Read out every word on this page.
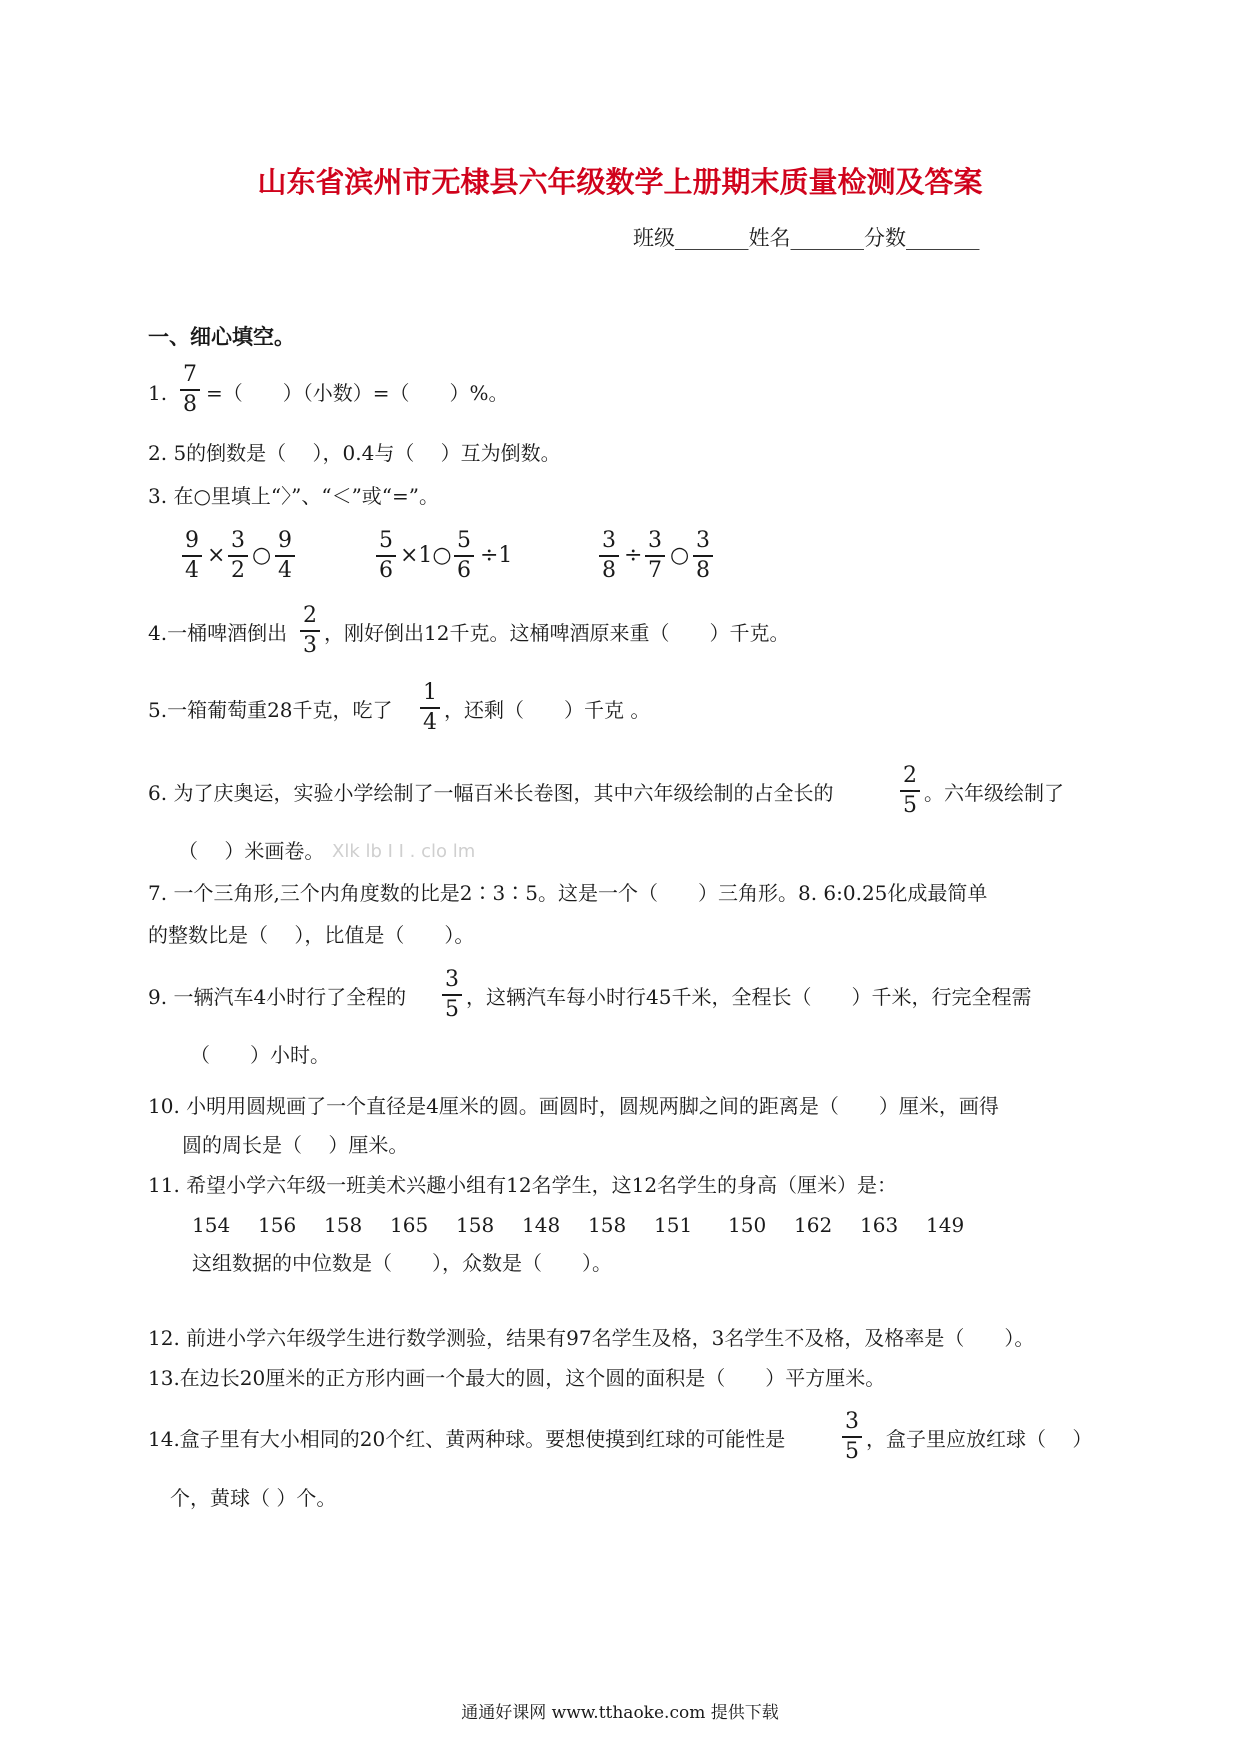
山东省滨州市无棣县六年级数学上册期末质量检测及答案
班级_______姓名_______分数_______
一、细心填空。
1.
7
8 =（　　）（小数）=（　　）%。
2. 5的倒数是（　 ），0.4与（　 ）互为倒数。
3. 在○里填上“〉”、“＜”或“=”。
9
4
×
3
2
○
9
4
5
6
×1○
5
6
÷1
3
8
÷
3
7
○
3
8
4.一桶啤酒倒出
2
3 ，刚好倒出12千克。这桶啤酒原来重（　　）千克。
5.一箱葡萄重28千克，吃了
1
4 ，还剩（　　）千克 。
6. 为了庆奥运，实验小学绘制了一幅百米长卷图，其中六年级绘制的占全长的
2
5 。六年级绘制了
（　 ）米画卷。 Xlk lb I I . clo lm
7. 一个三角形,三个内角度数的比是2∶3∶5。这是一个（　　）三角形。8. 6:0.25化成最简单
的整数比是（　 ），比值是（　　）。
9. 一辆汽车4小时行了全程的
3
5 ，这辆汽车每小时行45千米，全程长（　　）千米，行完全程需
（　　）小时。
10. 小明用圆规画了一个直径是4厘米的圆。画圆时，圆规两脚之间的距离是（　　）厘米，画得
圆的周长是（　 ）厘米。
11. 希望小学六年级一班美术兴趣小组有12名学生，这12名学生的身高（厘米）是：
154 156 158 165 158 148 158 151 150 162 163 149
这组数据的中位数是（　　），众数是（　　）。
12. 前进小学六年级学生进行数学测验，结果有97名学生及格，3名学生不及格，及格率是（　　）。
13.在边长20厘米的正方形内画一个最大的圆，这个圆的面积是（　　）平方厘米。
14.盒子里有大小相同的20个红、黄两种球。要想使摸到红球的可能性是
3
5 ，盒子里应放红球（　 ）
个，黄球（ ）个。
通通好课网 www.tthaoke.com 提供下载
